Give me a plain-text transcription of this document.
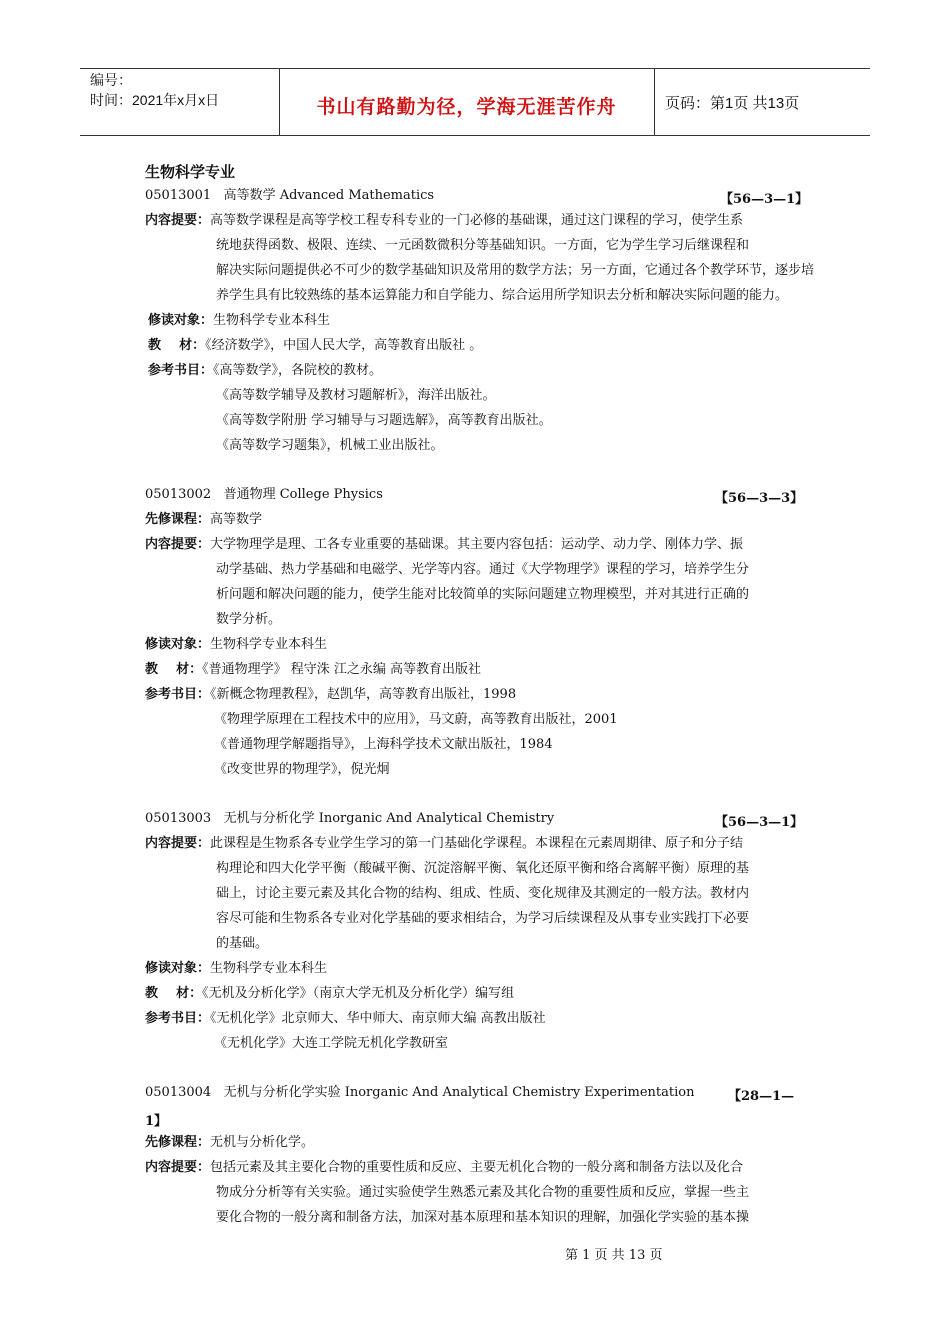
编号：
时间：2021年x月x日	书山有路勤为径，学海无涯苦作舟	页码：第1页 共13页
生物科学专业
05013001 高等数学 Advanced Mathematics	【56—3—1】
内容提要：高等数学课程是高等学校工程专科专业的一门必修的基础课，通过这门课程的学习，使学生系
统地获得函数、极限、连续、一元函数微积分等基础知识。一方面，它为学生学习后继课程和
解决实际问题提供必不可少的数学基础知识及常用的数学方法；另一方面，它通过各个教学环节，逐步培
养学生具有比较熟练的基本运算能力和自学能力、综合运用所学知识去分析和解决实际问题的能力。
修读对象：生物科学专业本科生
教    材：《经济数学》，中国人民大学，高等教育出版社 。
参考书目：《高等数学》，各院校的教材。
《高等数学辅导及教材习题解析》，海洋出版社。
《高等数学附册 学习辅导与习题选解》，高等教育出版社。
《高等数学习题集》，机械工业出版社。
05013002 普通物理 College Physics	【56—3—3】
先修课程：高等数学
内容提要：大学物理学是理、工各专业重要的基础课。其主要内容包括：运动学、动力学、刚体力学、振
动学基础、热力学基础和电磁学、光学等内容。通过《大学物理学》课程的学习，培养学生分
析问题和解决问题的能力，使学生能对比较简单的实际问题建立物理模型，并对其进行正确的
数学分析。
修读对象：生物科学专业本科生
教    材：《普通物理学》 程守洙 江之永编 高等教育出版社
参考书目：《新概念物理教程》，赵凯华，高等教育出版社，1998
《物理学原理在工程技术中的应用》，马文蔚，高等教育出版社，2001
《普通物理学解题指导》，上海科学技术文献出版社，1984
《改变世界的物理学》，倪光炯
05013003 无机与分析化学 Inorganic And Analytical Chemistry	【56—3—1】
内容提要：此课程是生物系各专业学生学习的第一门基础化学课程。本课程在元素周期律、原子和分子结
构理论和四大化学平衡（酸碱平衡、沉淀溶解平衡、氧化还原平衡和络合离解平衡）原理的基
础上，讨论主要元素及其化合物的结构、组成、性质、变化规律及其测定的一般方法。教材内
容尽可能和生物系各专业对化学基础的要求相结合，为学习后续课程及从事专业实践打下必要
的基础。
修读对象：生物科学专业本科生
教    材：《无机及分析化学》（南京大学无机及分析化学）编写组
参考书目：《无机化学》北京师大、华中师大、南京师大编 高教出版社
《无机化学》大连工学院无机化学教研室
05013004 无机与分析化学实验 Inorganic And Analytical Chemistry Experimentation	【28—1—
1】
先修课程：无机与分析化学。
内容提要：包括元素及其主要化合物的重要性质和反应、主要无机化合物的一般分离和制备方法以及化合
物成分分析等有关实验。通过实验使学生熟悉元素及其化合物的重要性质和反应，掌握一些主
要化合物的一般分离和制备方法，加深对基本原理和基本知识的理解，加强化学实验的基本操
第 1 页 共 13 页
